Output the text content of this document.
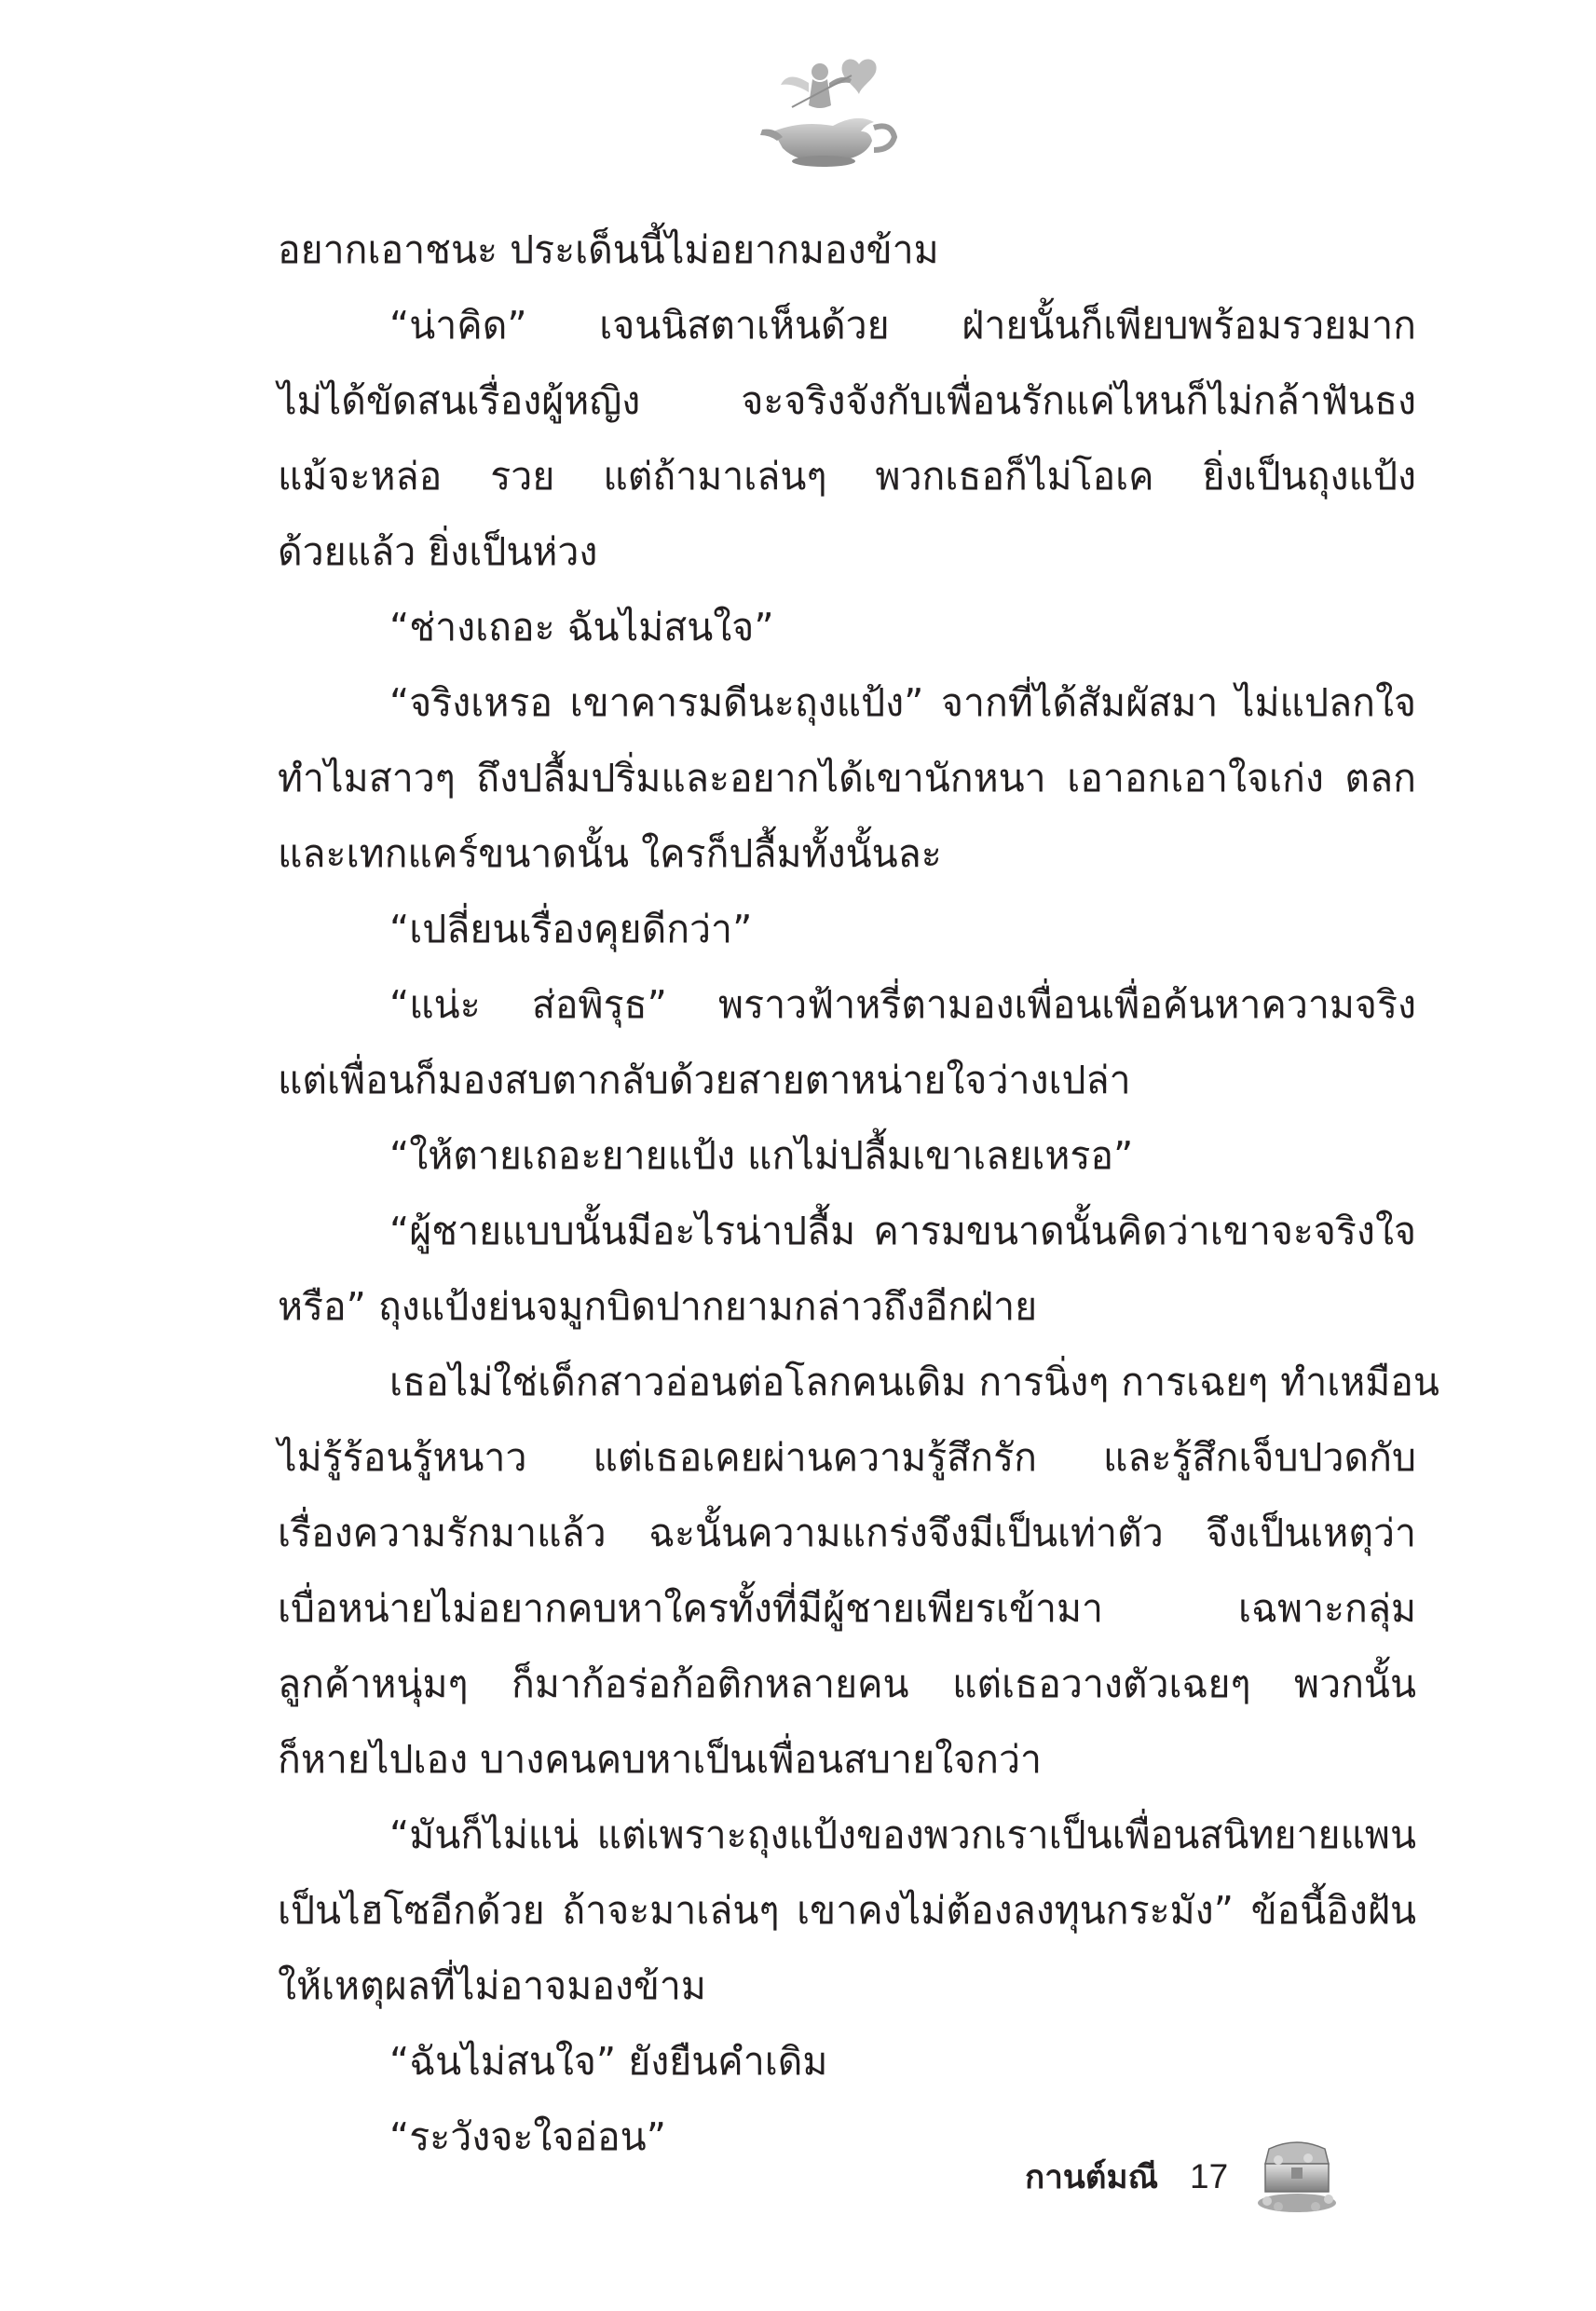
อยากเอาชนะ ประเด็นนี้ไม่อยากมองข้าม
“น่าคิด” เจนนิสตาเห็นด้วย ฝ่ายนั้นก็เพียบพร้อมรวยมาก
ไม่ได้ขัดสนเรื่องผู้หญิง จะจริงจังกับเพื่อนรักแค่ไหนก็ไม่กล้าฟันธง
แม้จะหล่อ รวย แต่ถ้ามาเล่นๆ พวกเธอก็ไม่โอเค ยิ่งเป็นถุงแป้ง
ด้วยแล้ว ยิ่งเป็นห่วง
“ช่างเถอะ ฉันไม่สนใจ”
“จริงเหรอ เขาคารมดีนะถุงแป้ง” จากที่ได้สัมผัสมา ไม่แปลกใจ
ทำไมสาวๆ ถึงปลื้มปริ่มและอยากได้เขานักหนา เอาอกเอาใจเก่ง ตลก
และเทกแคร์ขนาดนั้น ใครก็ปลื้มทั้งนั้นละ
“เปลี่ยนเรื่องคุยดีกว่า”
“แน่ะ ส่อพิรุธ” พราวฟ้าหรี่ตามองเพื่อนเพื่อค้นหาความจริง
แต่เพื่อนก็มองสบตากลับด้วยสายตาหน่ายใจว่างเปล่า
“ให้ตายเถอะยายแป้ง แกไม่ปลื้มเขาเลยเหรอ”
“ผู้ชายแบบนั้นมีอะไรน่าปลื้ม คารมขนาดนั้นคิดว่าเขาจะจริงใจ
หรือ” ถุงแป้งย่นจมูกบิดปากยามกล่าวถึงอีกฝ่าย
เธอไม่ใช่เด็กสาวอ่อนต่อโลกคนเดิม การนิ่งๆ การเฉยๆ ทำเหมือน
ไม่รู้ร้อนรู้หนาว แต่เธอเคยผ่านความรู้สึกรัก และรู้สึกเจ็บปวดกับ
เรื่องความรักมาแล้ว ฉะนั้นความแกร่งจึงมีเป็นเท่าตัว จึงเป็นเหตุว่า
เบื่อหน่ายไม่อยากคบหาใครทั้งที่มีผู้ชายเพียรเข้ามา เฉพาะกลุ่ม
ลูกค้าหนุ่มๆ ก็มาก้อร่อก้อติกหลายคน แต่เธอวางตัวเฉยๆ พวกนั้น
ก็หายไปเอง บางคนคบหาเป็นเพื่อนสบายใจกว่า
“มันก็ไม่แน่ แต่เพราะถุงแป้งของพวกเราเป็นเพื่อนสนิทยายแพน
เป็นไฮโซอีกด้วย ถ้าจะมาเล่นๆ เขาคงไม่ต้องลงทุนกระมัง” ข้อนี้อิงฝัน
ให้เหตุผลที่ไม่อาจมองข้าม
“ฉันไม่สนใจ” ยังยืนคำเดิม
“ระวังจะใจอ่อน”
กานต์มณี 17
